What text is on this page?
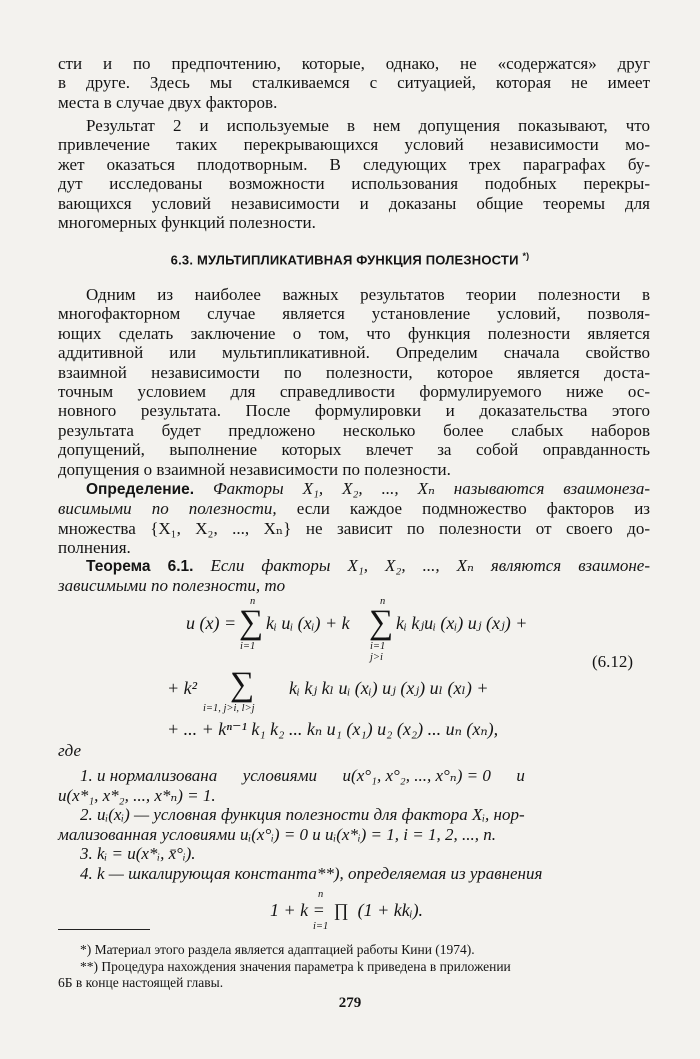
сти и по предпочтению, которые, однако, не «содержатся» друг
в друге. Здесь мы сталкиваемся с ситуацией, которая не имеет
места в случае двух факторов.

Результат 2 и используемые в нем допущения показывают, что
привлечение таких перекрывающихся условий независимости мо-
жет оказаться плодотворным. В следующих трех параграфах бу-
дут исследованы возможности использования подобных перекры-
вающихся условий независимости и доказаны общие теоремы для
многомерных функций полезности.

6.3. МУЛЬТИПЛИКАТИВНАЯ ФУНКЦИЯ ПОЛЕЗНОСТИ *)

Одним из наиболее важных результатов теории полезности в
многофакторном случае является установление условий, позволя-
ющих сделать заключение о том, что функция полезности является
аддитивной или мультипликативной. Определим сначала свойство
взаимной независимости по полезности, которое является доста-
точным условием для справедливости формулируемого ниже ос-
новного результата. После формулировки и доказательства этого
результата будет предложено несколько более слабых наборов
допущений, выполнение которых влечет за собой оправданность
допущения о взаимной независимости по полезности.

Определение. Факторы X₁, X₂, ..., Xₙ называются взаимонеза-
висимыми по полезности, если каждое подмножество факторов из
множества {X₁, X₂, ..., Xₙ} не зависит по полезности от своего до-
полнения.

Теорема 6.1. Если факторы X₁, X₂, ..., Xₙ являются взаимоне-
зависимыми по полезности, то

u (x) =
n
∑
i=1
kᵢ uᵢ (xᵢ) + k
n
∑
i=1
j>i
kᵢ kⱼuᵢ (xᵢ) uⱼ (xⱼ) +
(6.12)
+ k² ∑
i=1, j>i, l>j
kᵢ kⱼ kₗ uᵢ (xᵢ) uⱼ (xⱼ) uₗ (xₗ) +
+ ... + kⁿ⁻¹ k₁ k₂ ... kₙ u₁ (x₁) u₂ (x₂) ... uₙ (xₙ),
где
1. u нормализована      условиями      u(x°₁, x°₂, ..., x°ₙ) = 0      и
u(x*₁, x*₂, ..., x*ₙ) = 1.
2. uᵢ(xᵢ) — условная функция полезности для фактора Xᵢ, нор-
мализованная условиями uᵢ(x°ᵢ) = 0 и uᵢ(x*ᵢ) = 1, i = 1, 2, ..., n.
3. kᵢ = u(x*ᵢ, x̄°ᵢ).
4. k — шкалирующая константа**), определяемая из уравнения
n
1 + k =  ∏  (1 + kkᵢ).
i=1
*) Материал этого раздела является адаптацией работы Кини (1974).
**) Процедура нахождения значения параметра k приведена в приложении
6Б в конце настоящей главы.
279
